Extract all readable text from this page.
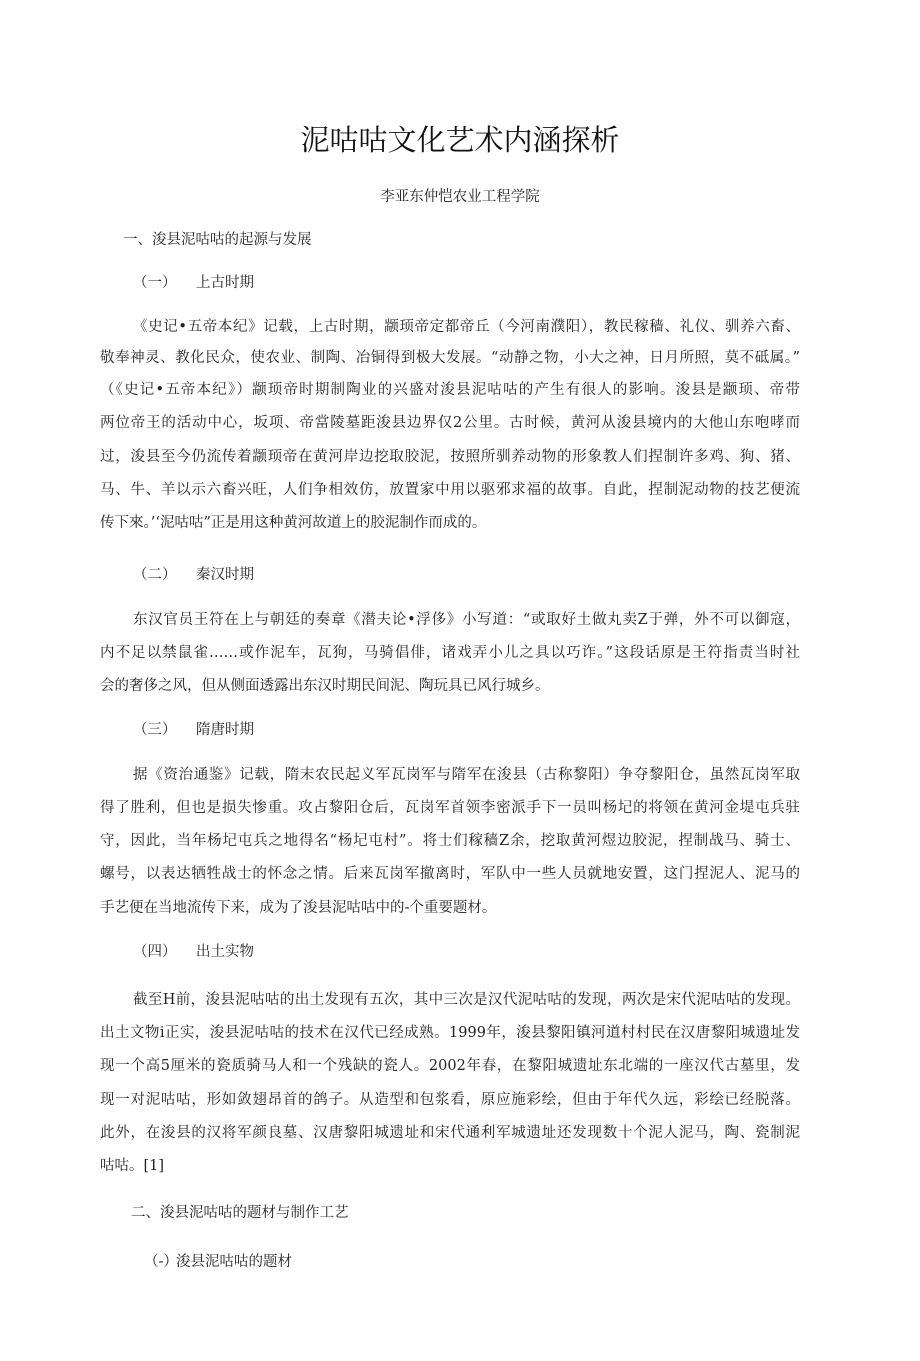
泥咕咕文化艺术内涵探析
李亚东仲恺农业工程学院
一、浚县泥咕咕的起源与发展
（一） 上古时期
《史记•五帝本纪》记载，上古时期，颛顼帝定都帝丘（今河南濮阳），教民稼穑、礼仪、驯养六畜、
敬奉神灵、教化民众，使农业、制陶、冶铜得到极大发展。“动静之物，小大之神，日月所照，莫不砥属。”
（《史记•五帝本纪》）颛顼帝时期制陶业的兴盛对浚县泥咕咕的产生有很人的影响。浚县是颛顼、帝带
两位帝王的活动中心，坂项、帝當陵墓距浚县边界仅2公里。古时候，黄河从浚县境内的大他山东咆哮而
过，浚县至今仍流传着颛顼帝在黄河岸边挖取胶泥，按照所驯养动物的形象教人们捏制许多鸡、狗、猪、
马、牛、羊以示六畜兴旺，人们争相效仿，放置家中用以驱邪求福的故事。自此，捏制泥动物的技艺便流
传下來。’‘泥咕咕”正是用这种黄河故道上的胶泥制作而成的。
（二） 秦汉时期
东汉官员王符在上与朝廷的奏章《潜夫论•浮侈》小写道：“或取好土做丸卖Z于弹，外不可以御寇，
内不足以禁鼠雀……或作泥车，瓦狗，马骑倡俳，诸戏弄小儿之具以巧诈。”这段话原是王符指责当时社
会的奢侈之风，但从侧面透露出东汉时期民间泥、陶玩具已风行城乡。
（三） 隋唐时期
据《资治通鉴》记载，隋末农民起义军瓦岗军与隋军在浚县（古称黎阳）争夺黎阳仓，虽然瓦岗军取
得了胜利，但也是损失惨重。攻占黎阳仓后，瓦岗军首领李密派手下一员叫杨圮的将领在黄河金堤屯兵驻
守，因此，当年杨圮屯兵之地得名“杨圮屯村”。将士们稼穑Z余，挖取黄河煜边胶泥，捏制战马、骑士、
螺号，以表达牺牲战士的怀念之情。后来瓦岗军撤离时，军队中一些人员就地安置，这门捏泥人、泥马的
手艺便在当地流传下来，成为了浚县泥咕咕中的-个重要题材。
（四） 出土实物
截至H前，浚县泥咕咕的出土发现有五次，其中三次是汉代泥咕咕的发现，两次是宋代泥咕咕的发现。
出土文物i正实，浚县泥咕咕的技术在汉代已经成熟。1999年，浚县黎阳镇河道村村民在汉唐黎阳城遗址发
现一个高5厘米的瓷质骑马人和一个残缺的瓷人。2002年春，在黎阳城遗址东北端的一座汉代古墓里，发
现一对泥咕咕，形如敛翅昂首的鸽子。从造型和包浆看，原应施彩绘，但由于年代久远，彩绘已经脱落。
此外，在浚县的汉将军颜良墓、汉唐黎阳城遗址和宋代通利军城遗址还发现数十个泥人泥马，陶、瓷制泥
咕咕。[1]
二、浚县泥咕咕的题材与制作工艺
（-）
浚县泥咕咕的题材
